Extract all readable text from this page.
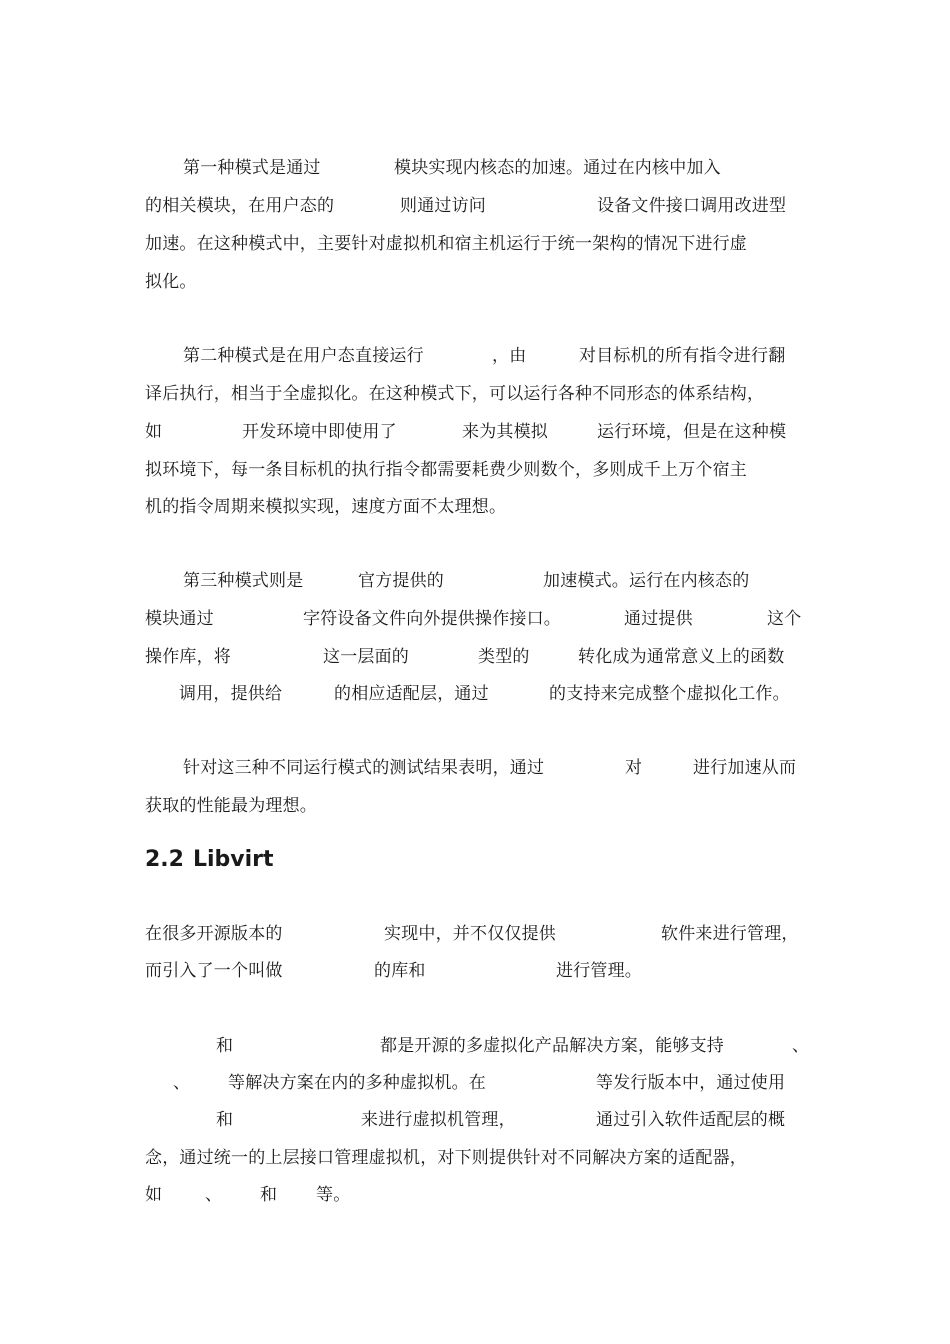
第一种模式是通过	模块实现内核态的加速。通过在内核中加入
的相关模块，在用户态的	则通过访问	设备文件接口调用改进型
加速。在这种模式中，主要针对虚拟机和宿主机运行于统一架构的情况下进行虚
拟化。
第二种模式是在用户态直接运行	，由	对目标机的所有指令进行翻
译后执行，相当于全虚拟化。在这种模式下，可以运行各种不同形态的体系结构，
如	开发环境中即使用了	来为其模拟	运行环境，但是在这种模
拟环境下，每一条目标机的执行指令都需要耗费少则数个，多则成千上万个宿主
机的指令周期来模拟实现，速度方面不太理想。
第三种模式则是	官方提供的	加速模式。运行在内核态的
模块通过	字符设备文件向外提供操作接口。	通过提供	这个
操作库，将	这一层面的	类型的	转化成为通常意义上的函数
调用，提供给	的相应适配层，通过	的支持来完成整个虚拟化工作。
针对这三种不同运行模式的测试结果表明，通过	对	进行加速从而
获取的性能最为理想。
2.2 Libvirt
在很多开源版本的	实现中，并不仅仅提供	软件来进行管理，
而引入了一个叫做	的库和	进行管理。
和	都是开源的多虚拟化产品解决方案，能够支持	、
、 等解决方案在内的多种虚拟机。在	等发行版本中，通过使用
和	来进行虚拟机管理，	通过引入软件适配层的概
念，通过统一的上层接口管理虚拟机，对下则提供针对不同解决方案的适配器，
如	、 和 等。
